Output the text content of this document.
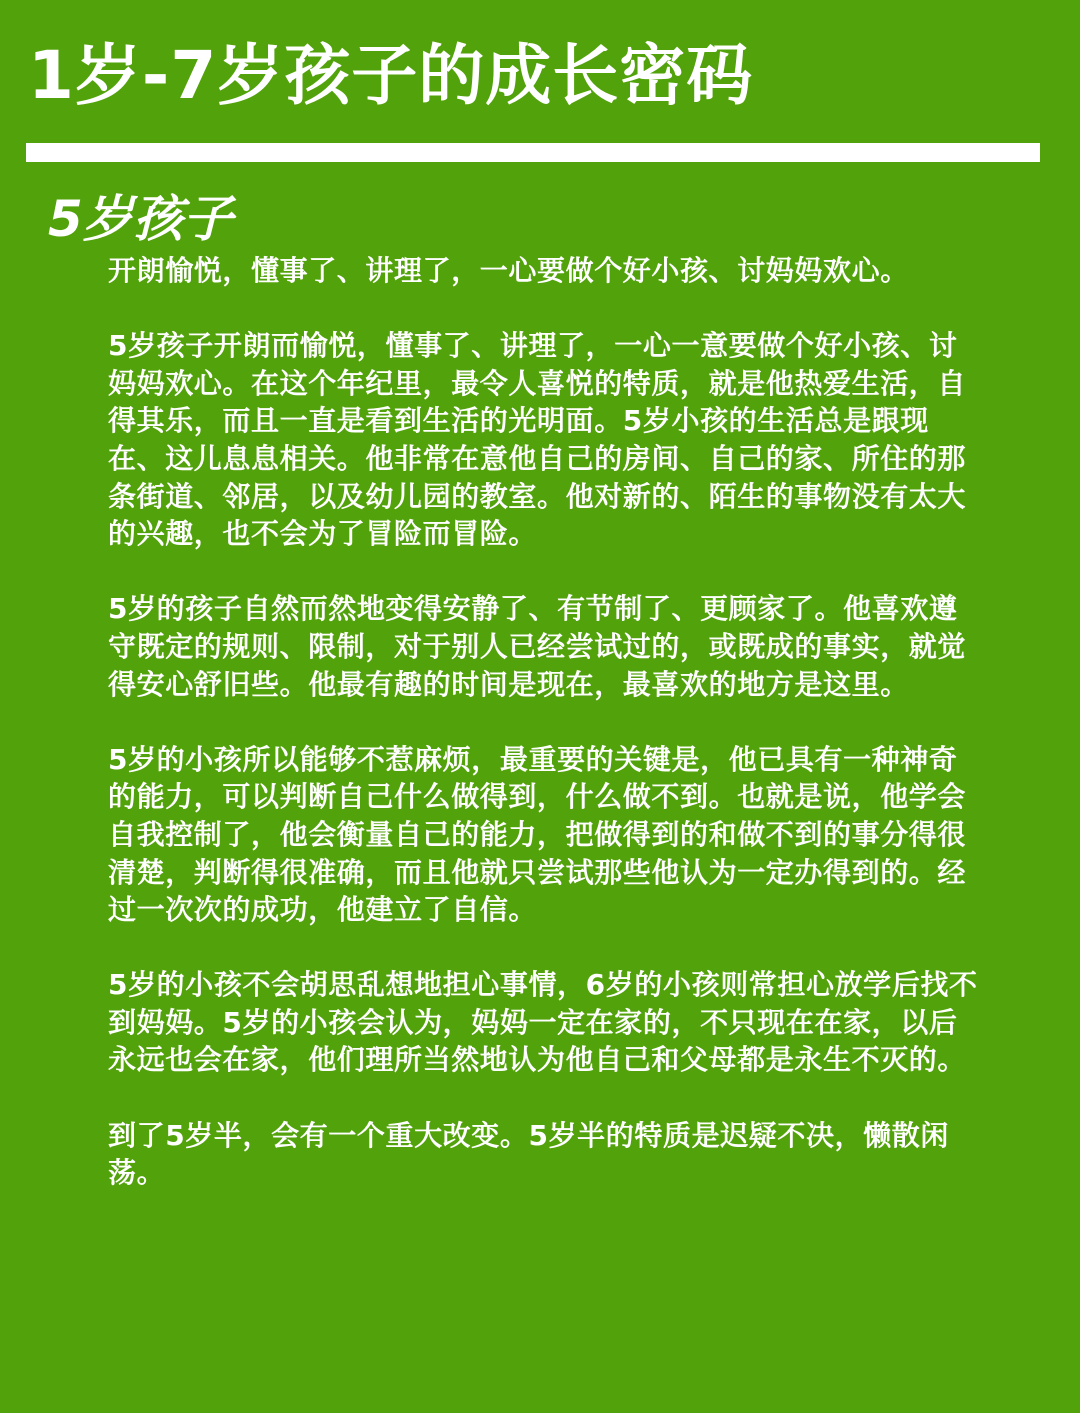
1岁-7岁孩子的成长密码
5岁孩子

开朗愉悦，懂事了、讲理了，一心要做个好小孩、讨妈妈欢心。

5岁孩子开朗而愉悦，懂事了、讲理了，一心一意要做个好小孩、讨妈妈欢心。在这个年纪里，最令人喜悦的特质，就是他热爱生活，自得其乐，而且一直是看到生活的光明面。5岁小孩的生活总是跟现在、这儿息息相关。他非常在意他自己的房间、自己的家、所住的那条街道、邻居，以及幼儿园的教室。他对新的、陌生的事物没有太大的兴趣，也不会为了冒险而冒险。

5岁的孩子自然而然地变得安静了、有节制了、更顾家了。他喜欢遵守既定的规则、限制，对于别人已经尝试过的，或既成的事实，就觉得安心舒旧些。他最有趣的时间是现在，最喜欢的地方是这里。

5岁的小孩所以能够不惹麻烦，最重要的关键是，他已具有一种神奇的能力，可以判断自己什么做得到，什么做不到。也就是说，他学会自我控制了，他会衡量自己的能力，把做得到的和做不到的事分得很清楚，判断得很准确，而且他就只尝试那些他认为一定办得到的。经过一次次的成功，他建立了自信。

5岁的小孩不会胡思乱想地担心事情，6岁的小孩则常担心放学后找不到妈妈。5岁的小孩会认为，妈妈一定在家的，不只现在在家，以后永远也会在家，他们理所当然地认为他自己和父母都是永生不灭的。

到了5岁半，会有一个重大改变。5岁半的特质是迟疑不决，懒散闲荡。
